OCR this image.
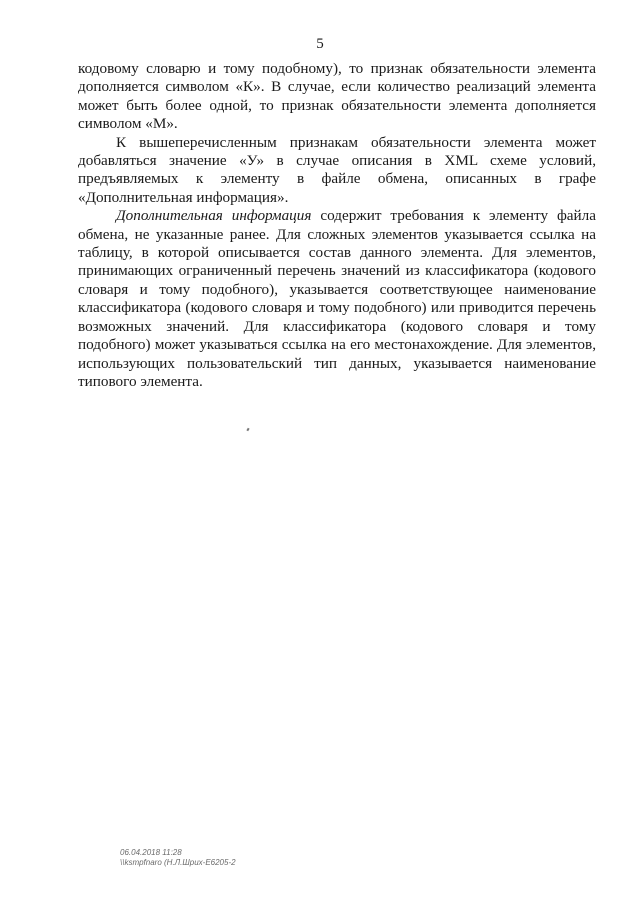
5

кодовому словарю и тому подобному), то признак обязательности элемента дополняется символом «К». В случае, если количество реализаций элемента может быть более одной, то признак обязательности элемента дополняется символом «М».

К вышеперечисленным признакам обязательности элемента может добавляться значение «У» в случае описания в XML схеме условий, предъявляемых к элементу в файле обмена, описанных в графе «Дополнительная информация».

Дополнительная информация содержит требования к элементу файла обмена, не указанные ранее. Для сложных элементов указывается ссылка на таблицу, в которой описывается состав данного элемента. Для элементов, принимающих ограниченный перечень значений из классификатора (кодового словаря и тому подобного), указывается соответствующее наименование классификатора (кодового словаря и тому подобного) или приводится перечень возможных значений. Для классификатора (кодового словаря и тому подобного) может указываться ссылка на его местонахождение. Для элементов, использующих пользовательский тип данных, указывается наименование типового элемента.

06.04.2018 11:28
\\ksmpfnaro (Н.Л.Шрих-Е6205-2
